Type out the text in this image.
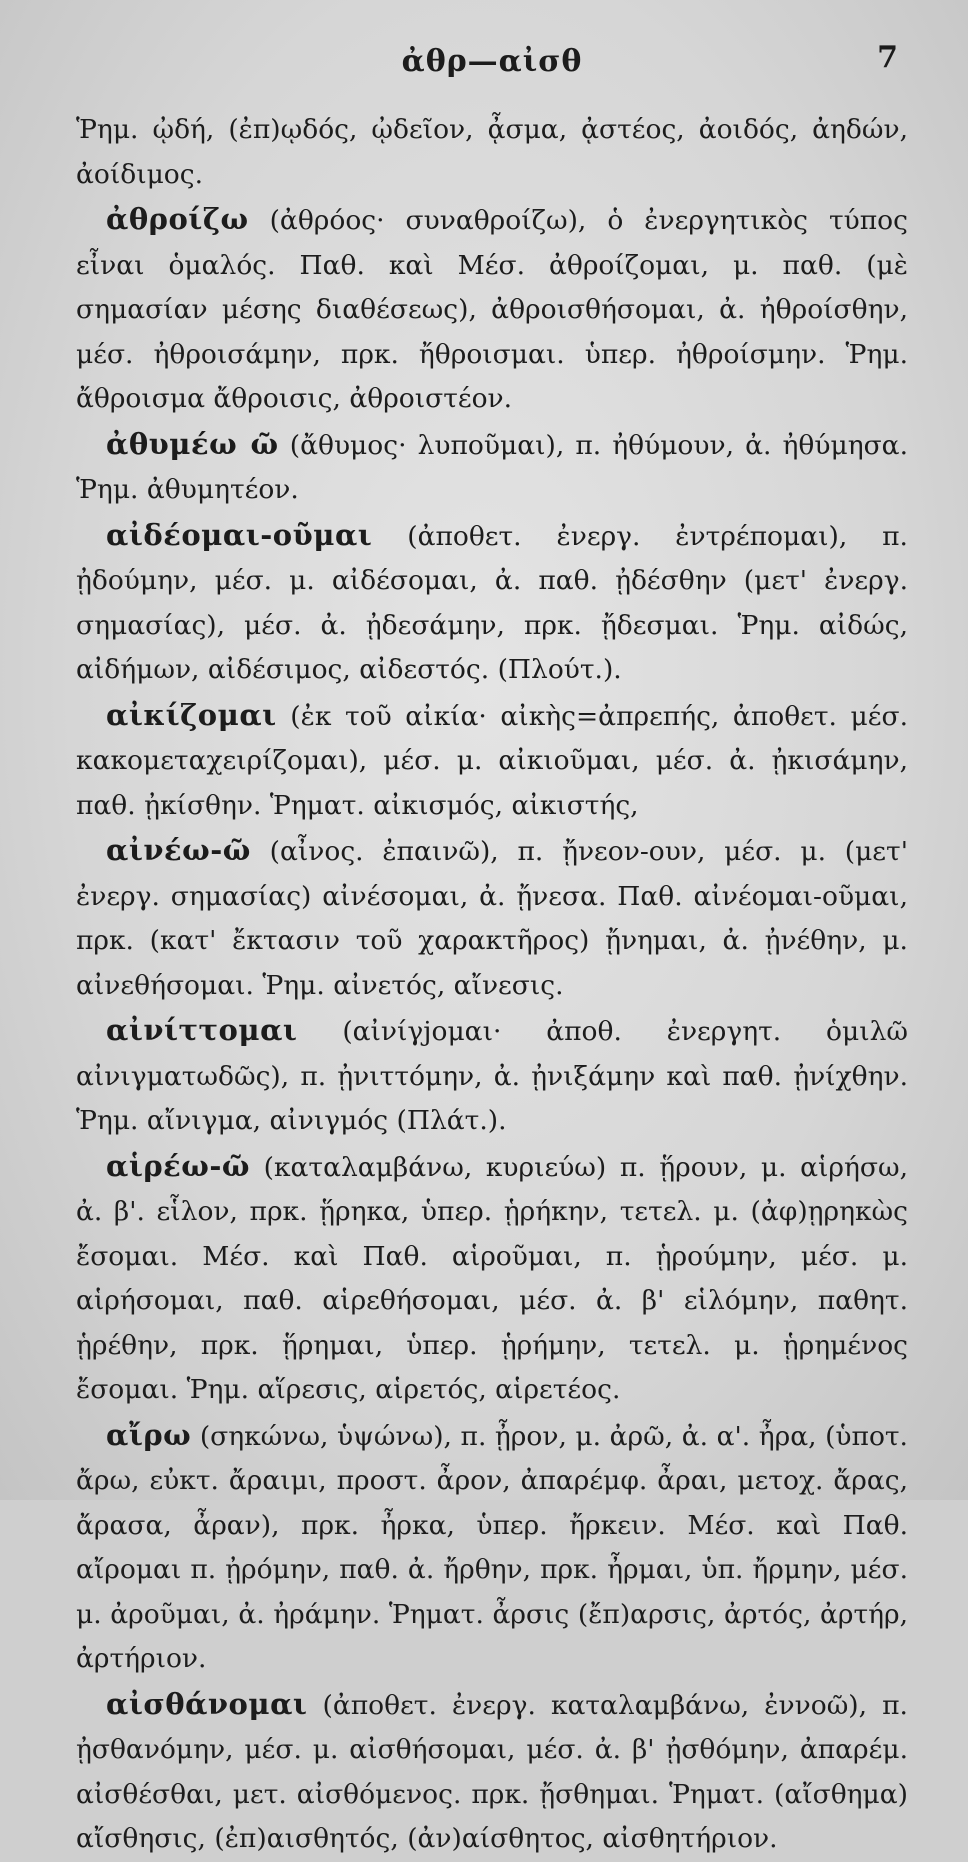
ἀθρ—αἰσθ	7

Ῥημ. ᾠδή, (ἐπ)ῳδός, ᾠδεῖον, ᾆσμα, ᾀστέος, ἀοιδός, ἀηδών, ἀοίδιμος.

ἀθροίζω (ἀθρόος· συναθροίζω), ὁ ἐνεργητικὸς τύπος εἶναι ὁμαλός. Παθ. καὶ Μέσ. ἀθροίζομαι, μ. παθ. (μὲ σημασίαν μέσης διαθέσεως), ἀθροισθήσομαι, ἀ. ἠθροίσθην, μέσ. ἠθροισάμην, πρκ. ἤθροισμαι. ὑπερ. ἠθροίσμην. Ῥημ. ἄθροισμα ἄθροισις, ἀθροιστέον.

ἀθυμέω ῶ (ἄθυμος· λυποῦμαι), π. ἠθύμουν, ἀ. ἠθύμησα. Ῥημ. ἀθυμητέον.

αἰδέομαι-οῦμαι (ἀποθετ. ἐνεργ. ἐντρέπομαι), π. ᾐδούμην, μέσ. μ. αἰδέσομαι, ἀ. παθ. ᾐδέσθην (μετ' ἐνεργ. σημασίας), μέσ. ἀ. ᾐδεσάμην, πρκ. ᾔδεσμαι. Ῥημ. αἰδώς, αἰδήμων, αἰδέσιμος, αἰδεστός. (Πλούτ.).

αἰκίζομαι (ἐκ τοῦ αἰκία· αἰκὴς=ἀπρεπής, ἀποθετ. μέσ. κακομεταχειρίζομαι), μέσ. μ. αἰκιοῦμαι, μέσ. ἀ. ᾐκισάμην, παθ. ᾐκίσθην. Ῥηματ. αἰκισμός, αἰκιστής,

αἰνέω-ῶ (αἶνος. ἐπαινῶ), π. ᾔνεον-ουν, μέσ. μ. (μετ' ἐνεργ. σημασίας) αἰνέσομαι, ἀ. ᾔνεσα. Παθ. αἰνέομαι-οῦμαι, πρκ. (κατ' ἔκτασιν τοῦ χαρακτῆρος) ᾔνημαι, ἀ. ᾐνέθην, μ. αἰνεθήσομαι. Ῥημ. αἰνετός, αἴνεσις.

αἰνίττομαι (αἰνίγjομαι· ἀποθ. ἐνεργητ. ὁμιλῶ αἰνιγματωδῶς), π. ᾐνιττόμην, ἀ. ᾐνιξάμην καὶ παθ. ᾐνίχθην. Ῥημ. αἴνιγμα, αἰνιγμός (Πλάτ.).

αἱρέω-ῶ (καταλαμβάνω, κυριεύω) π. ᾕρουν, μ. αἱρήσω, ἀ. β'. εἷλον, πρκ. ᾕρηκα, ὑπερ. ᾑρήκην, τετελ. μ. (ἀφ)ῃρηκὼς ἔσομαι. Μέσ. καὶ Παθ. αἱροῦμαι, π. ᾑρούμην, μέσ. μ. αἱρήσομαι, παθ. αἱρεθήσομαι, μέσ. ἀ. β' εἱλόμην, παθητ. ᾑρέθην, πρκ. ᾕρημαι, ὑπερ. ᾑρήμην, τετελ. μ. ᾑρημένος ἔσομαι. Ῥημ. αἵρεσις, αἱρετός, αἱρετέος.

αἴρω (σηκώνω, ὑψώνω), π. ᾖρον, μ. ἀρῶ, ἀ. α'. ἦρα, (ὑποτ. ἄρω, εὐκτ. ἄραιμι, προστ. ἆρον, ἀπαρέμφ. ἆραι, μετοχ. ἄρας, ἄρασα, ἆραν), πρκ. ἦρκα, ὑπερ. ἤρκειν. Μέσ. καὶ Παθ. αἴρομαι π. ᾐρόμην, παθ. ἀ. ἤρθην, πρκ. ἦρμαι, ὑπ. ἤρμην, μέσ. μ. ἀροῦμαι, ἀ. ἠράμην. Ῥηματ. ἆρσις (ἔπ)αρσις, ἀρτός, ἀρτήρ, ἀρτήριον.

αἰσθάνομαι (ἀποθετ. ἐνεργ. καταλαμβάνω, ἐννοῶ), π. ᾐσθανόμην, μέσ. μ. αἰσθήσομαι, μέσ. ἀ. β' ᾐσθόμην, ἀπαρέμ. αἰσθέσθαι, μετ. αἰσθόμενος. πρκ. ᾔσθημαι. Ῥηματ. (αἴσθημα) αἴσθησις, (ἐπ)αισθητός, (ἀν)αίσθητος, αἰσθητήριον.
